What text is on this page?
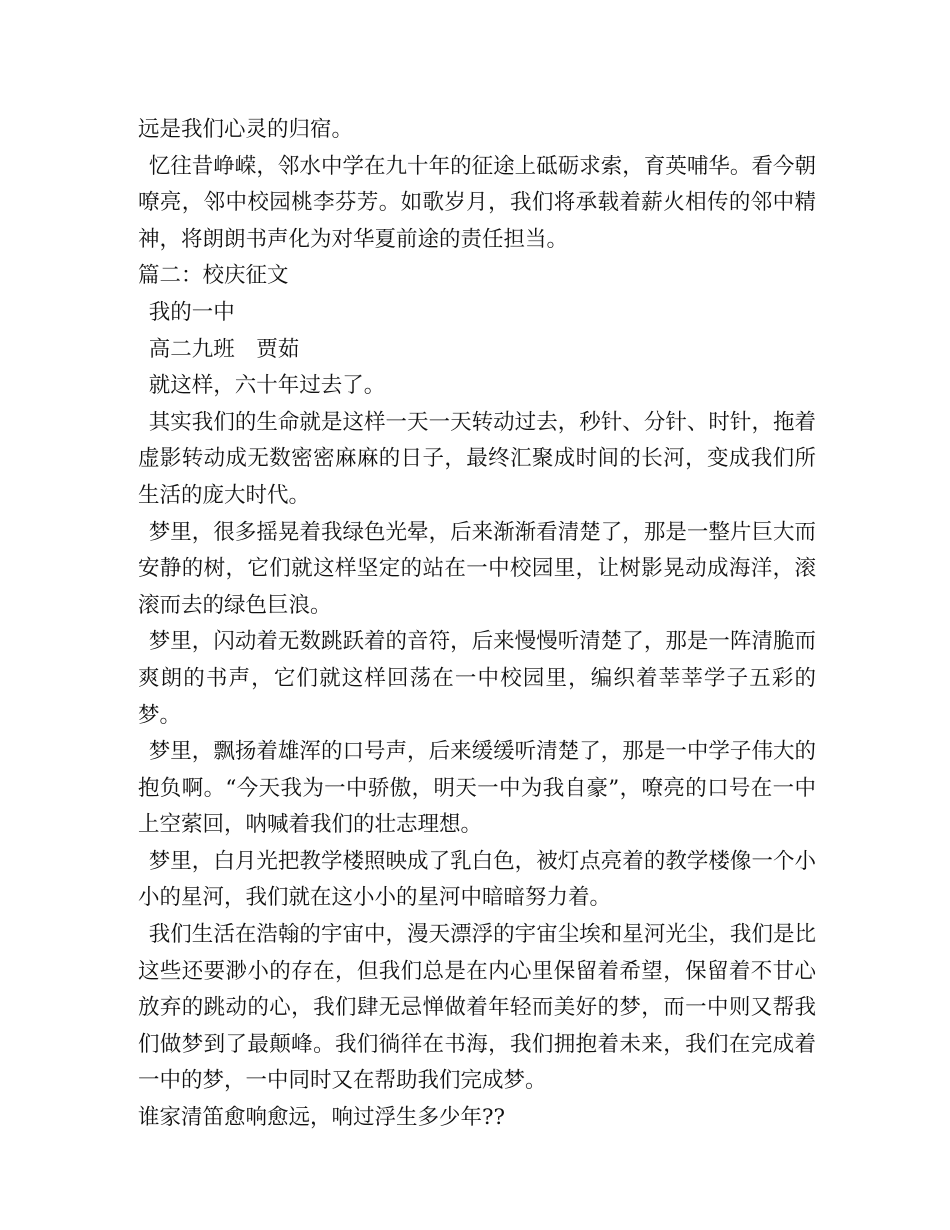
远是我们心灵的归宿。

忆往昔峥嵘，邻水中学在九十年的征途上砥砺求索，育英哺华。看今朝嘹亮，邻中校园桃李芬芳。如歌岁月，我们将承载着薪火相传的邻中精神，将朗朗书声化为对华夏前途的责任担当。

篇二：校庆征文

我的一中

高二九班　贾茹

就这样，六十年过去了。

其实我们的生命就是这样一天一天转动过去，秒针、分针、时针，拖着虚影转动成无数密密麻麻的日子，最终汇聚成时间的长河，变成我们所生活的庞大时代。

梦里，很多摇晃着我绿色光晕，后来渐渐看清楚了，那是一整片巨大而安静的树，它们就这样坚定的站在一中校园里，让树影晃动成海洋，滚滚而去的绿色巨浪。

梦里，闪动着无数跳跃着的音符，后来慢慢听清楚了，那是一阵清脆而爽朗的书声，它们就这样回荡在一中校园里，编织着莘莘学子五彩的梦。

梦里，飘扬着雄浑的口号声，后来缓缓听清楚了，那是一中学子伟大的抱负啊。“今天我为一中骄傲，明天一中为我自豪”，嘹亮的口号在一中上空萦回，呐喊着我们的壮志理想。

梦里，白月光把教学楼照映成了乳白色，被灯点亮着的教学楼像一个小小的星河，我们就在这小小的星河中暗暗努力着。

我们生活在浩翰的宇宙中，漫天漂浮的宇宙尘埃和星河光尘，我们是比这些还要渺小的存在，但我们总是在内心里保留着希望，保留着不甘心放弃的跳动的心，我们肆无忌惮做着年轻而美好的梦，而一中则又帮我们做梦到了最颠峰。我们徜徉在书海，我们拥抱着未来，我们在完成着一中的梦，一中同时又在帮助我们完成梦。

谁家清笛愈响愈远，响过浮生多少年??
